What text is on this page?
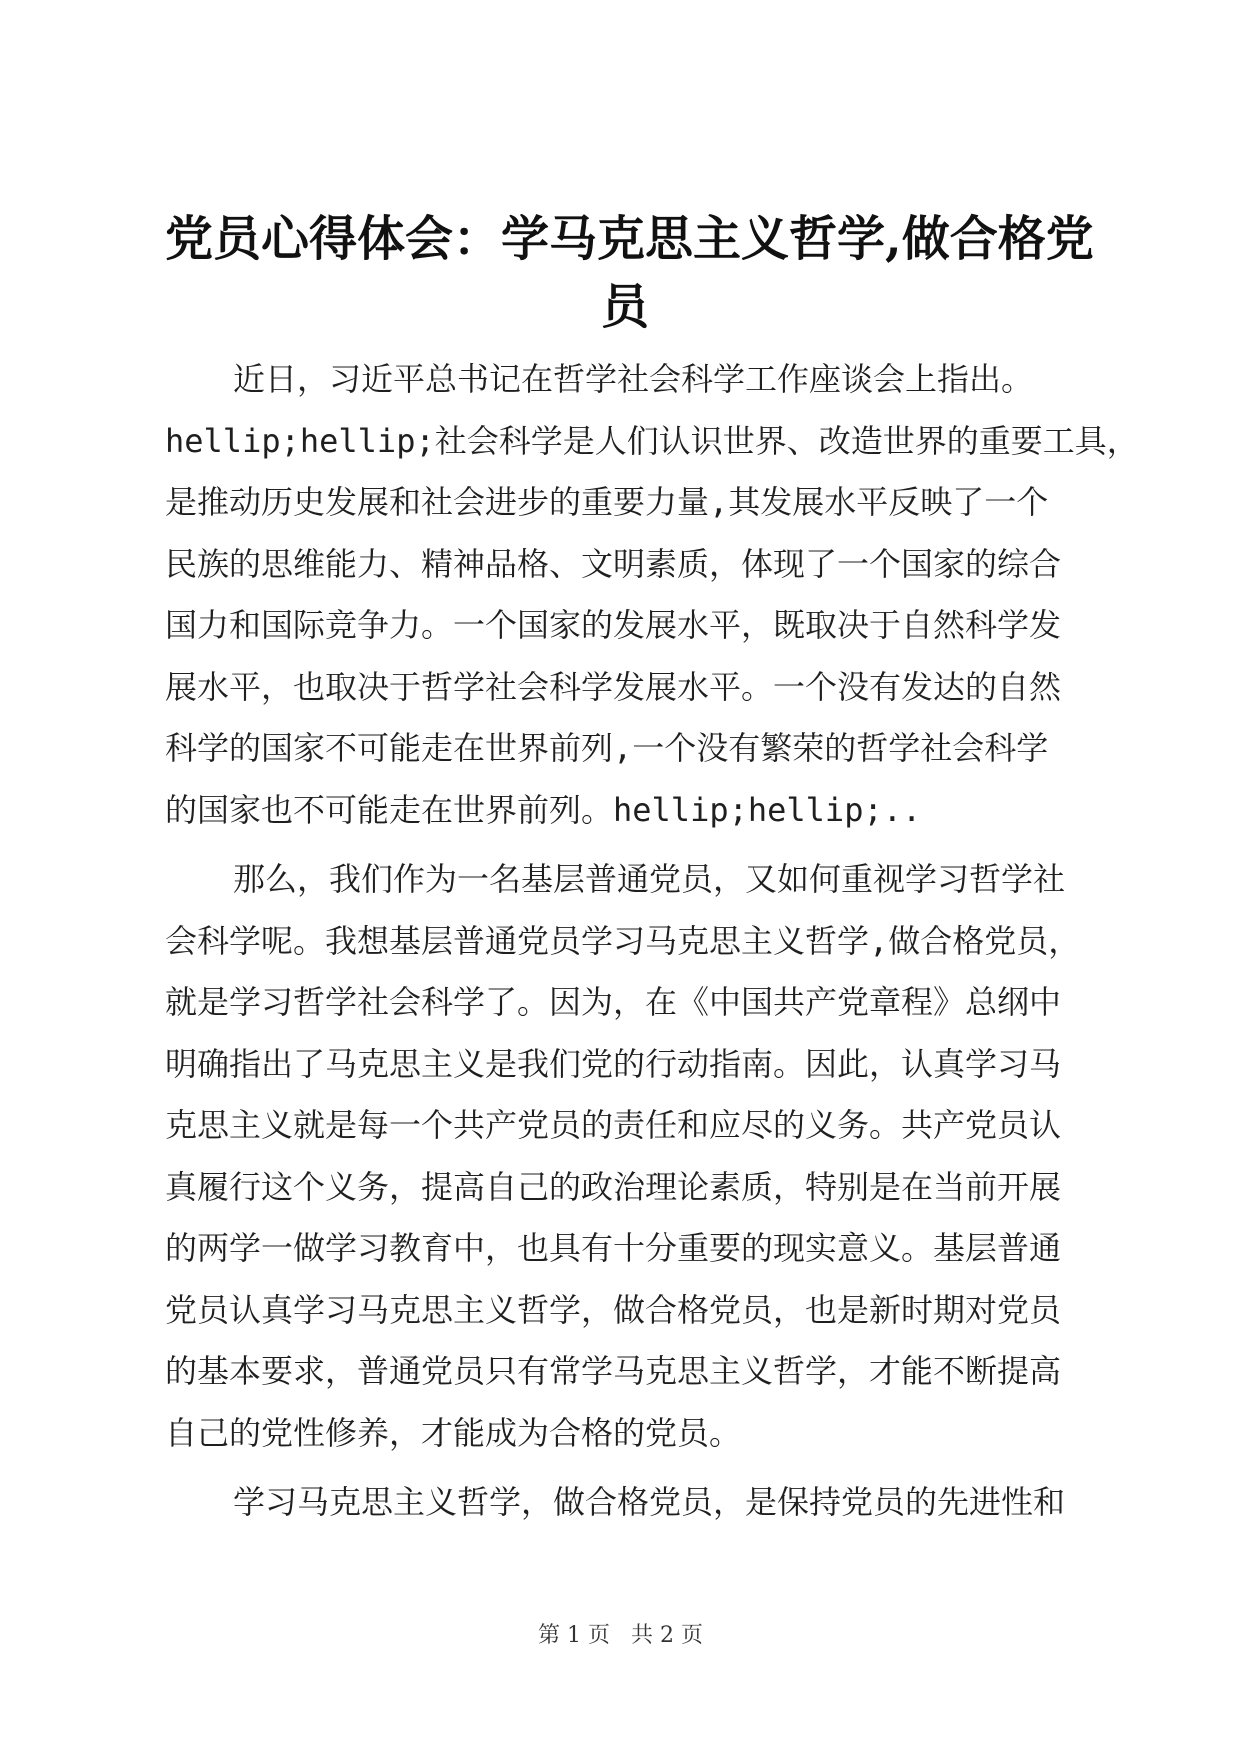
党员心得体会：学马克思主义哲学,做合格党
员
近日，习近平总书记在哲学社会科学工作座谈会上指出。
hellip;hellip;社会科学是人们认识世界、改造世界的重要工具，
是推动历史发展和社会进步的重要力量,其发展水平反映了一个
民族的思维能力、精神品格、文明素质，体现了一个国家的综合
国力和国际竞争力。一个国家的发展水平，既取决于自然科学发
展水平，也取决于哲学社会科学发展水平。一个没有发达的自然
科学的国家不可能走在世界前列,一个没有繁荣的哲学社会科学
的国家也不可能走在世界前列。hellip;hellip;..
那么，我们作为一名基层普通党员，又如何重视学习哲学社
会科学呢。我想基层普通党员学习马克思主义哲学,做合格党员，
就是学习哲学社会科学了。因为，在《中国共产党章程》总纲中
明确指出了马克思主义是我们党的行动指南。因此，认真学习马
克思主义就是每一个共产党员的责任和应尽的义务。共产党员认
真履行这个义务，提高自己的政治理论素质，特别是在当前开展
的两学一做学习教育中，也具有十分重要的现实意义。基层普通
党员认真学习马克思主义哲学，做合格党员，也是新时期对党员
的基本要求，普通党员只有常学马克思主义哲学，才能不断提高
自己的党性修养，才能成为合格的党员。
学习马克思主义哲学，做合格党员，是保持党员的先进性和
第 1 页 共 2 页
